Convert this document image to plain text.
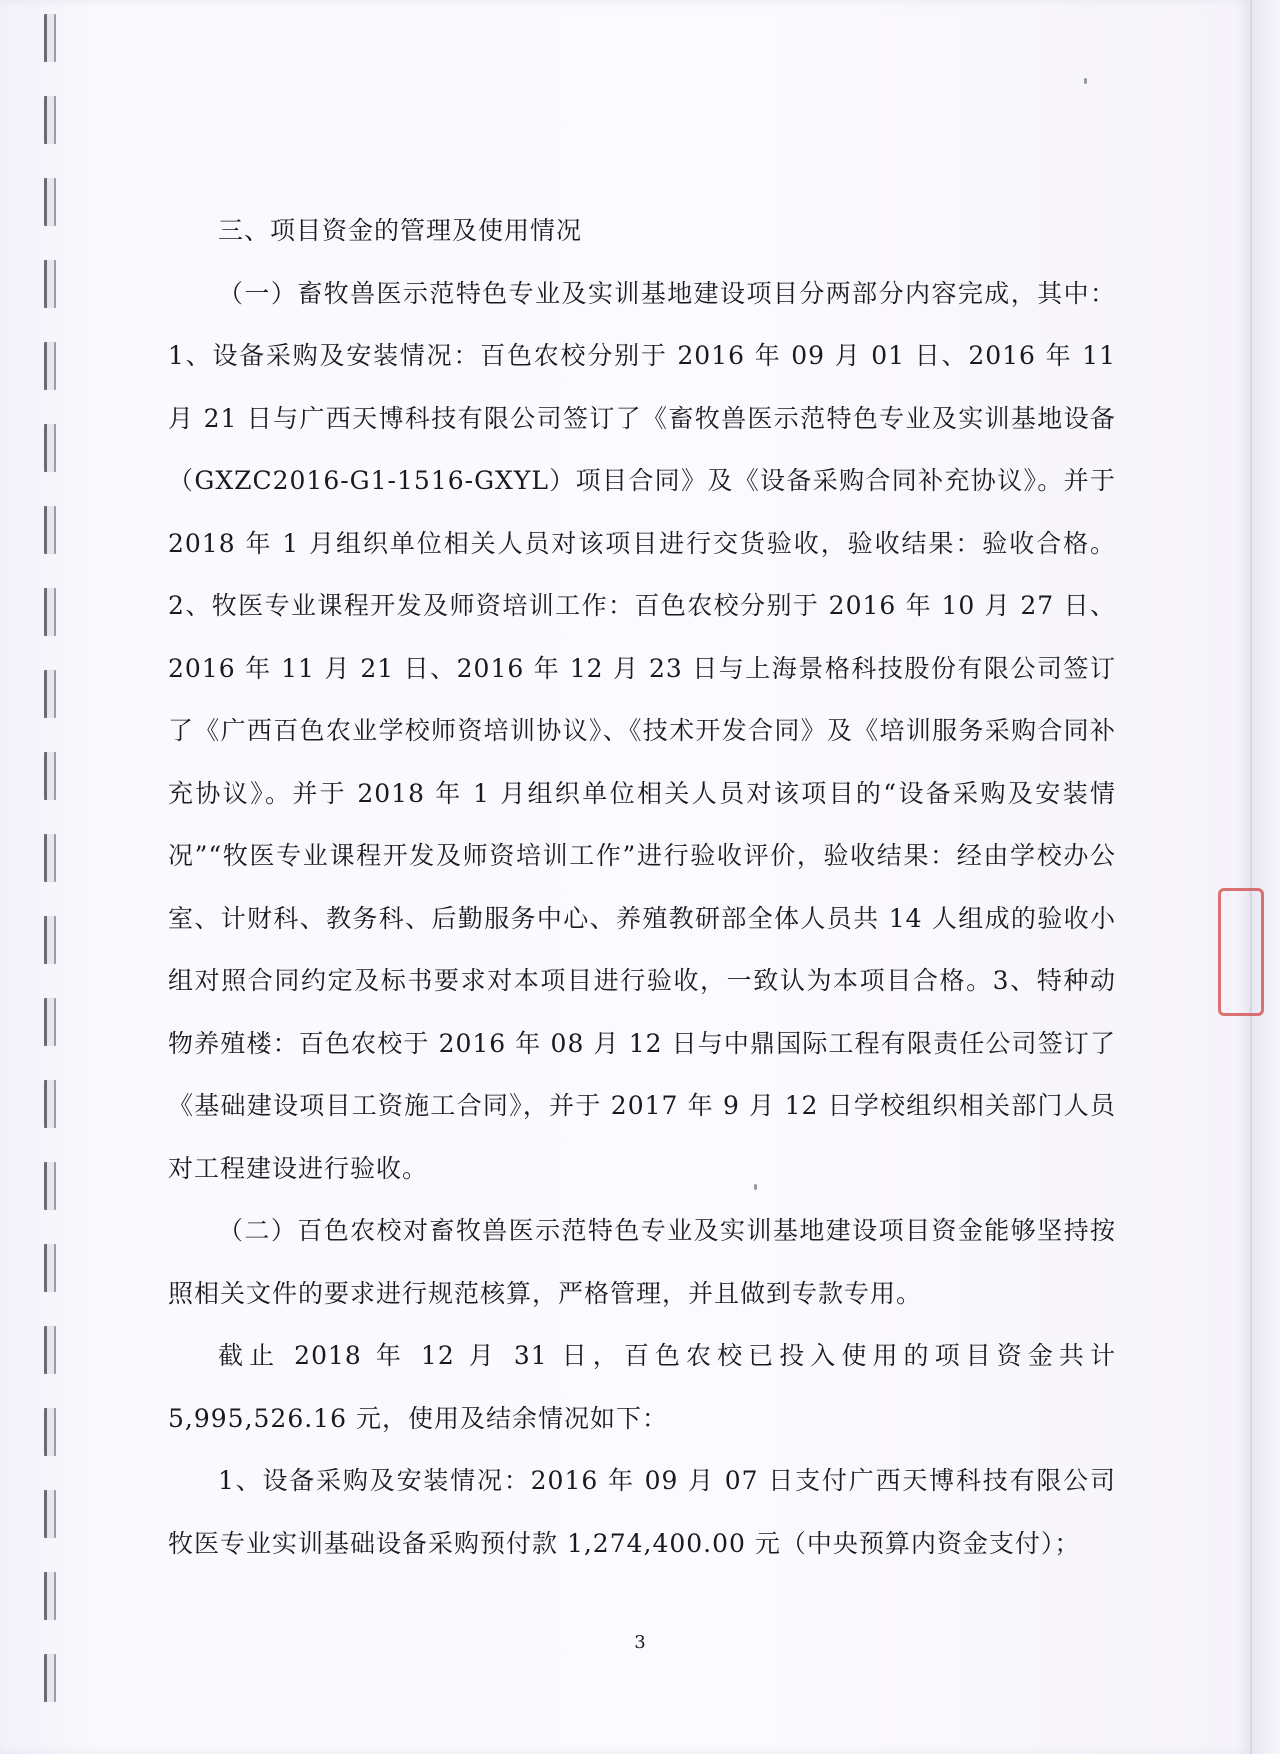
三、项目资金的管理及使用情况

（一）畜牧兽医示范特色专业及实训基地建设项目分两部分内容完成，其中：1、设备采购及安装情况：百色农校分别于 2016 年 09 月 01 日、2016 年 11 月 21 日与广西天博科技有限公司签订了《畜牧兽医示范特色专业及实训基地设备（GXZC2016-G1-1516-GXYL）项目合同》及《设备采购合同补充协议》。并于 2018 年 1 月组织单位相关人员对该项目进行交货验收，验收结果：验收合格。2、牧医专业课程开发及师资培训工作：百色农校分别于 2016 年 10 月 27 日、2016 年 11 月 21 日、2016 年 12 月 23 日与上海景格科技股份有限公司签订了《广西百色农业学校师资培训协议》、《技术开发合同》及《培训服务采购合同补充协议》。并于 2018 年 1 月组织单位相关人员对该项目的“设备采购及安装情况”“牧医专业课程开发及师资培训工作”进行验收评价，验收结果：经由学校办公室、计财科、教务科、后勤服务中心、养殖教研部全体人员共 14 人组成的验收小组对照合同约定及标书要求对本项目进行验收，一致认为本项目合格。3、特种动物养殖楼：百色农校于 2016 年 08 月 12 日与中鼎国际工程有限责任公司签订了《基础建设项目工资施工合同》，并于 2017 年 9 月 12 日学校组织相关部门人员对工程建设进行验收。

（二）百色农校对畜牧兽医示范特色专业及实训基地建设项目资金能够坚持按照相关文件的要求进行规范核算，严格管理，并且做到专款专用。

截止 2018 年 12 月 31 日，百色农校已投入使用的项目资金共计 5,995,526.16 元，使用及结余情况如下：

1、设备采购及安装情况：2016 年 09 月 07 日支付广西天博科技有限公司牧医专业实训基础设备采购预付款 1,274,400.00 元（中央预算内资金支付）；

3
